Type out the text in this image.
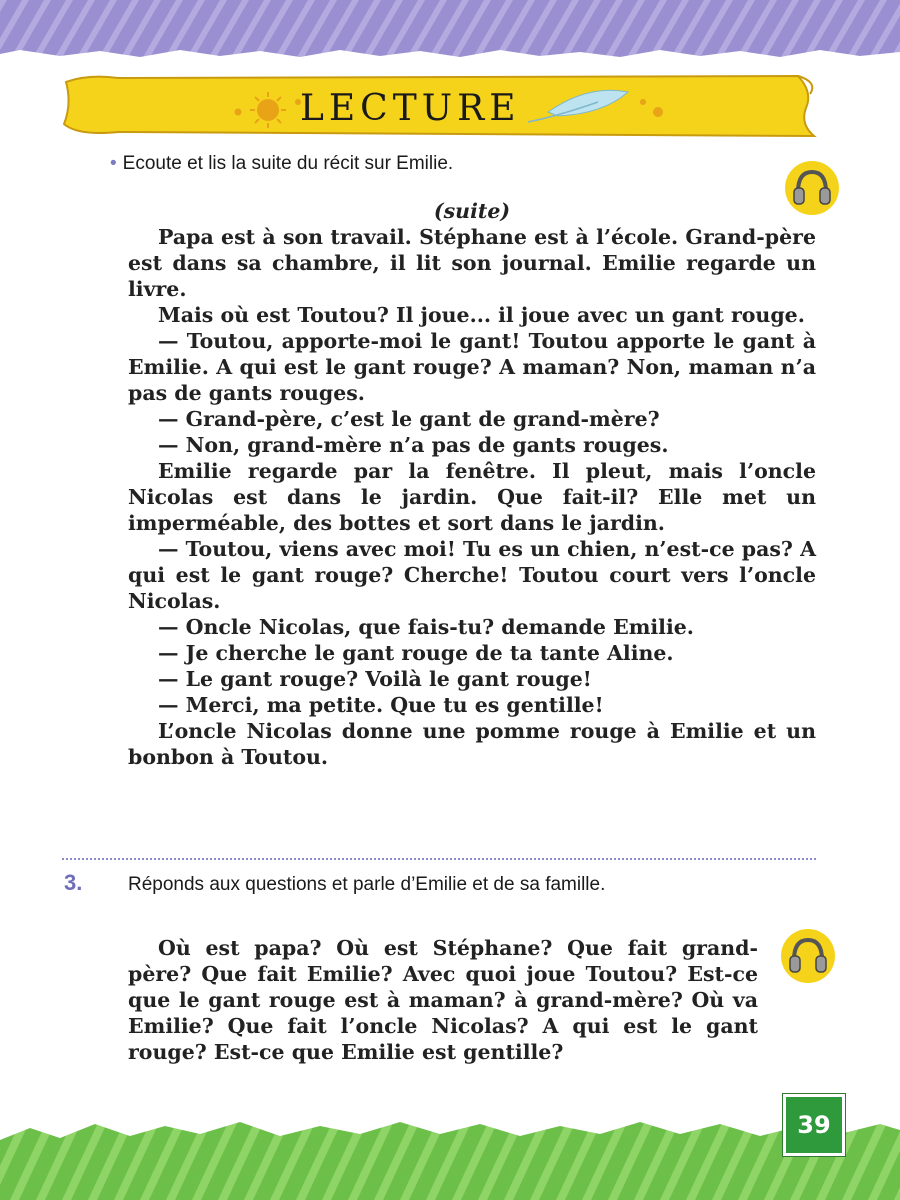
LECTURE
• Ecoute et lis la suite du récit sur Emilie.
(suite)

Papa est à son travail. Stéphane est à l’école. Grand-père est dans sa chambre, il lit son journal. Emilie regarde un livre.

Mais où est Toutou? Il joue... il joue avec un gant rouge.

— Toutou, apporte-moi le gant! Toutou apporte le gant à Emilie. A qui est le gant rouge? A maman? Non, maman n’a pas de gants rouges.

— Grand-père, c’est le gant de grand-mère?

— Non, grand-mère n’a pas de gants rouges.

Emilie regarde par la fenêtre. Il pleut, mais l’oncle Nicolas est dans le jardin. Que fait-il? Elle met un imperméable, des bottes et sort dans le jardin.

— Toutou, viens avec moi! Tu es un chien, n’est-ce pas? A qui est le gant rouge? Cherche! Toutou court vers l’oncle Nicolas.

— Oncle Nicolas, que fais-tu? demande Emilie.

— Je cherche le gant rouge de ta tante Aline.

— Le gant rouge? Voilà le gant rouge!

— Merci, ma petite. Que tu es gentille!

L’oncle Nicolas donne une pomme rouge à Emilie et un bonbon à Toutou.

3. Réponds aux questions et parle d’Emilie et de sa famille.
Où est papa? Où est Stéphane? Que fait grand-père? Que fait Emilie? Avec quoi joue Toutou? Est-ce que le gant rouge est à maman? à grand-mère? Où va Emilie? Que fait l’oncle Nicolas? A qui est le gant rouge? Est-ce que Emilie est gentille?
39
